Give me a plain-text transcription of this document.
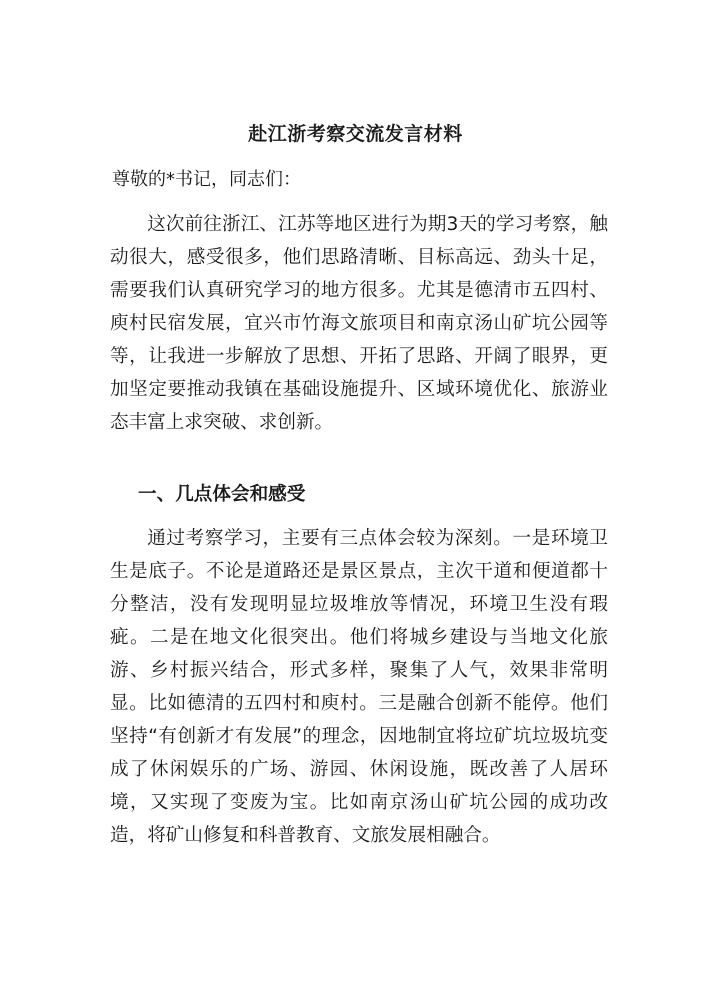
赴江浙考察交流发言材料
尊敬的*书记，同志们：

这次前往浙江、江苏等地区进行为期3天的学习考察，触动很大，感受很多，他们思路清晰、目标高远、劲头十足，需要我们认真研究学习的地方很多。尤其是德清市五四村、庾村民宿发展，宜兴市竹海文旅项目和南京汤山矿坑公园等等，让我进一步解放了思想、开拓了思路、开阔了眼界，更加坚定要推动我镇在基础设施提升、区域环境优化、旅游业态丰富上求突破、求创新。

一、几点体会和感受

通过考察学习，主要有三点体会较为深刻。一是环境卫生是底子。不论是道路还是景区景点，主次干道和便道都十分整洁，没有发现明显垃圾堆放等情况，环境卫生没有瑕疵。二是在地文化很突出。他们将城乡建设与当地文化旅游、乡村振兴结合，形式多样，聚集了人气，效果非常明显。比如德清的五四村和庾村。三是融合创新不能停。他们坚持“有创新才有发展”的理念，因地制宜将垃矿坑垃圾坑变成了休闲娱乐的广场、游园、休闲设施，既改善了人居环境，又实现了变废为宝。比如南京汤山矿坑公园的成功改造，将矿山修复和科普教育、文旅发展相融合。
